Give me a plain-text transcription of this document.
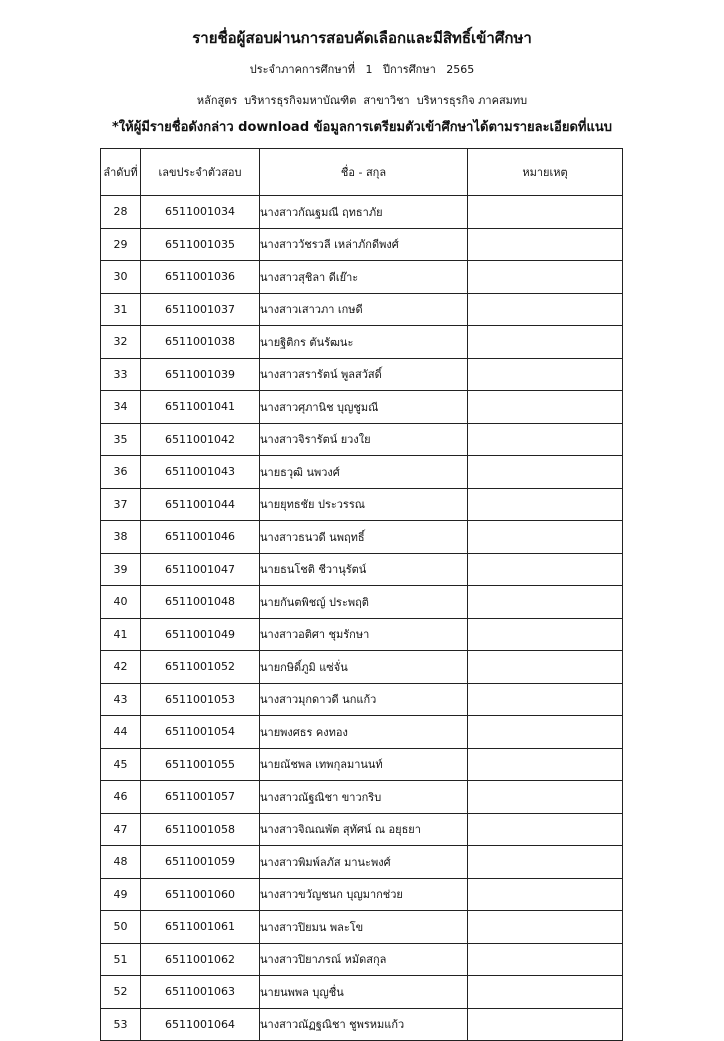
รายชื่อผู้สอบผ่านการสอบคัดเลือกและมีสิทธิ์เข้าศึกษา
ประจำภาคการศึกษาที่   1   ปีการศึกษา   2565
หลักสูตร  บริหารธุรกิจมหาบัณฑิต  สาขาวิชา  บริหารธุรกิจ ภาคสมทบ
*ให้ผู้มีรายชื่อดังกล่าว download ข้อมูลการเตรียมตัวเข้าศึกษาได้ตามรายละเอียดที่แนบ
ลำดับที่	เลขประจำตัวสอบ	ชื่อ - สกุล	หมายเหตุ
28	6511001034	นางสาวกัณฐมณี ฤทธาภัย	
29	6511001035	นางสาววัชรวลี เหล่าภักดีพงศ์	
30	6511001036	นางสาวสุชิลา ดีเย๊าะ	
31	6511001037	นางสาวเสาวภา เกษดี	
32	6511001038	นายฐิติกร ตันรัฒนะ	
33	6511001039	นางสาวสรารัตน์ พูลสวัสดิ์	
34	6511001041	นางสาวศุภานิช บุญชูมณี	
35	6511001042	นางสาวจิรารัตน์ ยวงใย	
36	6511001043	นายธวุฒิ นพวงศ์	
37	6511001044	นายยุทธชัย ประวรรณ	
38	6511001046	นางสาวธนวดี นพฤทธิ์	
39	6511001047	นายธนโชติ ชีวานุรัตน์	
40	6511001048	นายกันตพิชญ์ ประพฤติ	
41	6511001049	นางสาวอติศา ชุมรักษา	
42	6511001052	นายกษิดิ์ภูมิ แซ่จั่น	
43	6511001053	นางสาวมุกดาวดี นกแก้ว	
44	6511001054	นายพงศธร คงทอง	
45	6511001055	นายณัชพล เทพกุลมานนท์	
46	6511001057	นางสาวณัฐณิชา ขาวกริบ	
47	6511001058	นางสาวจิณณพัต สุทัศน์ ณ อยุธยา	
48	6511001059	นางสาวพิมพ์ลภัส มานะพงศ์	
49	6511001060	นางสาวขวัญชนก บุญมากช่วย	
50	6511001061	นางสาวปิยมน พละโข	
51	6511001062	นางสาวปิยาภรณ์ หมัดสกุล	
52	6511001063	นายนพพล บุญชื่น	
53	6511001064	นางสาวณัฏฐณิชา ชูพรหมแก้ว	
